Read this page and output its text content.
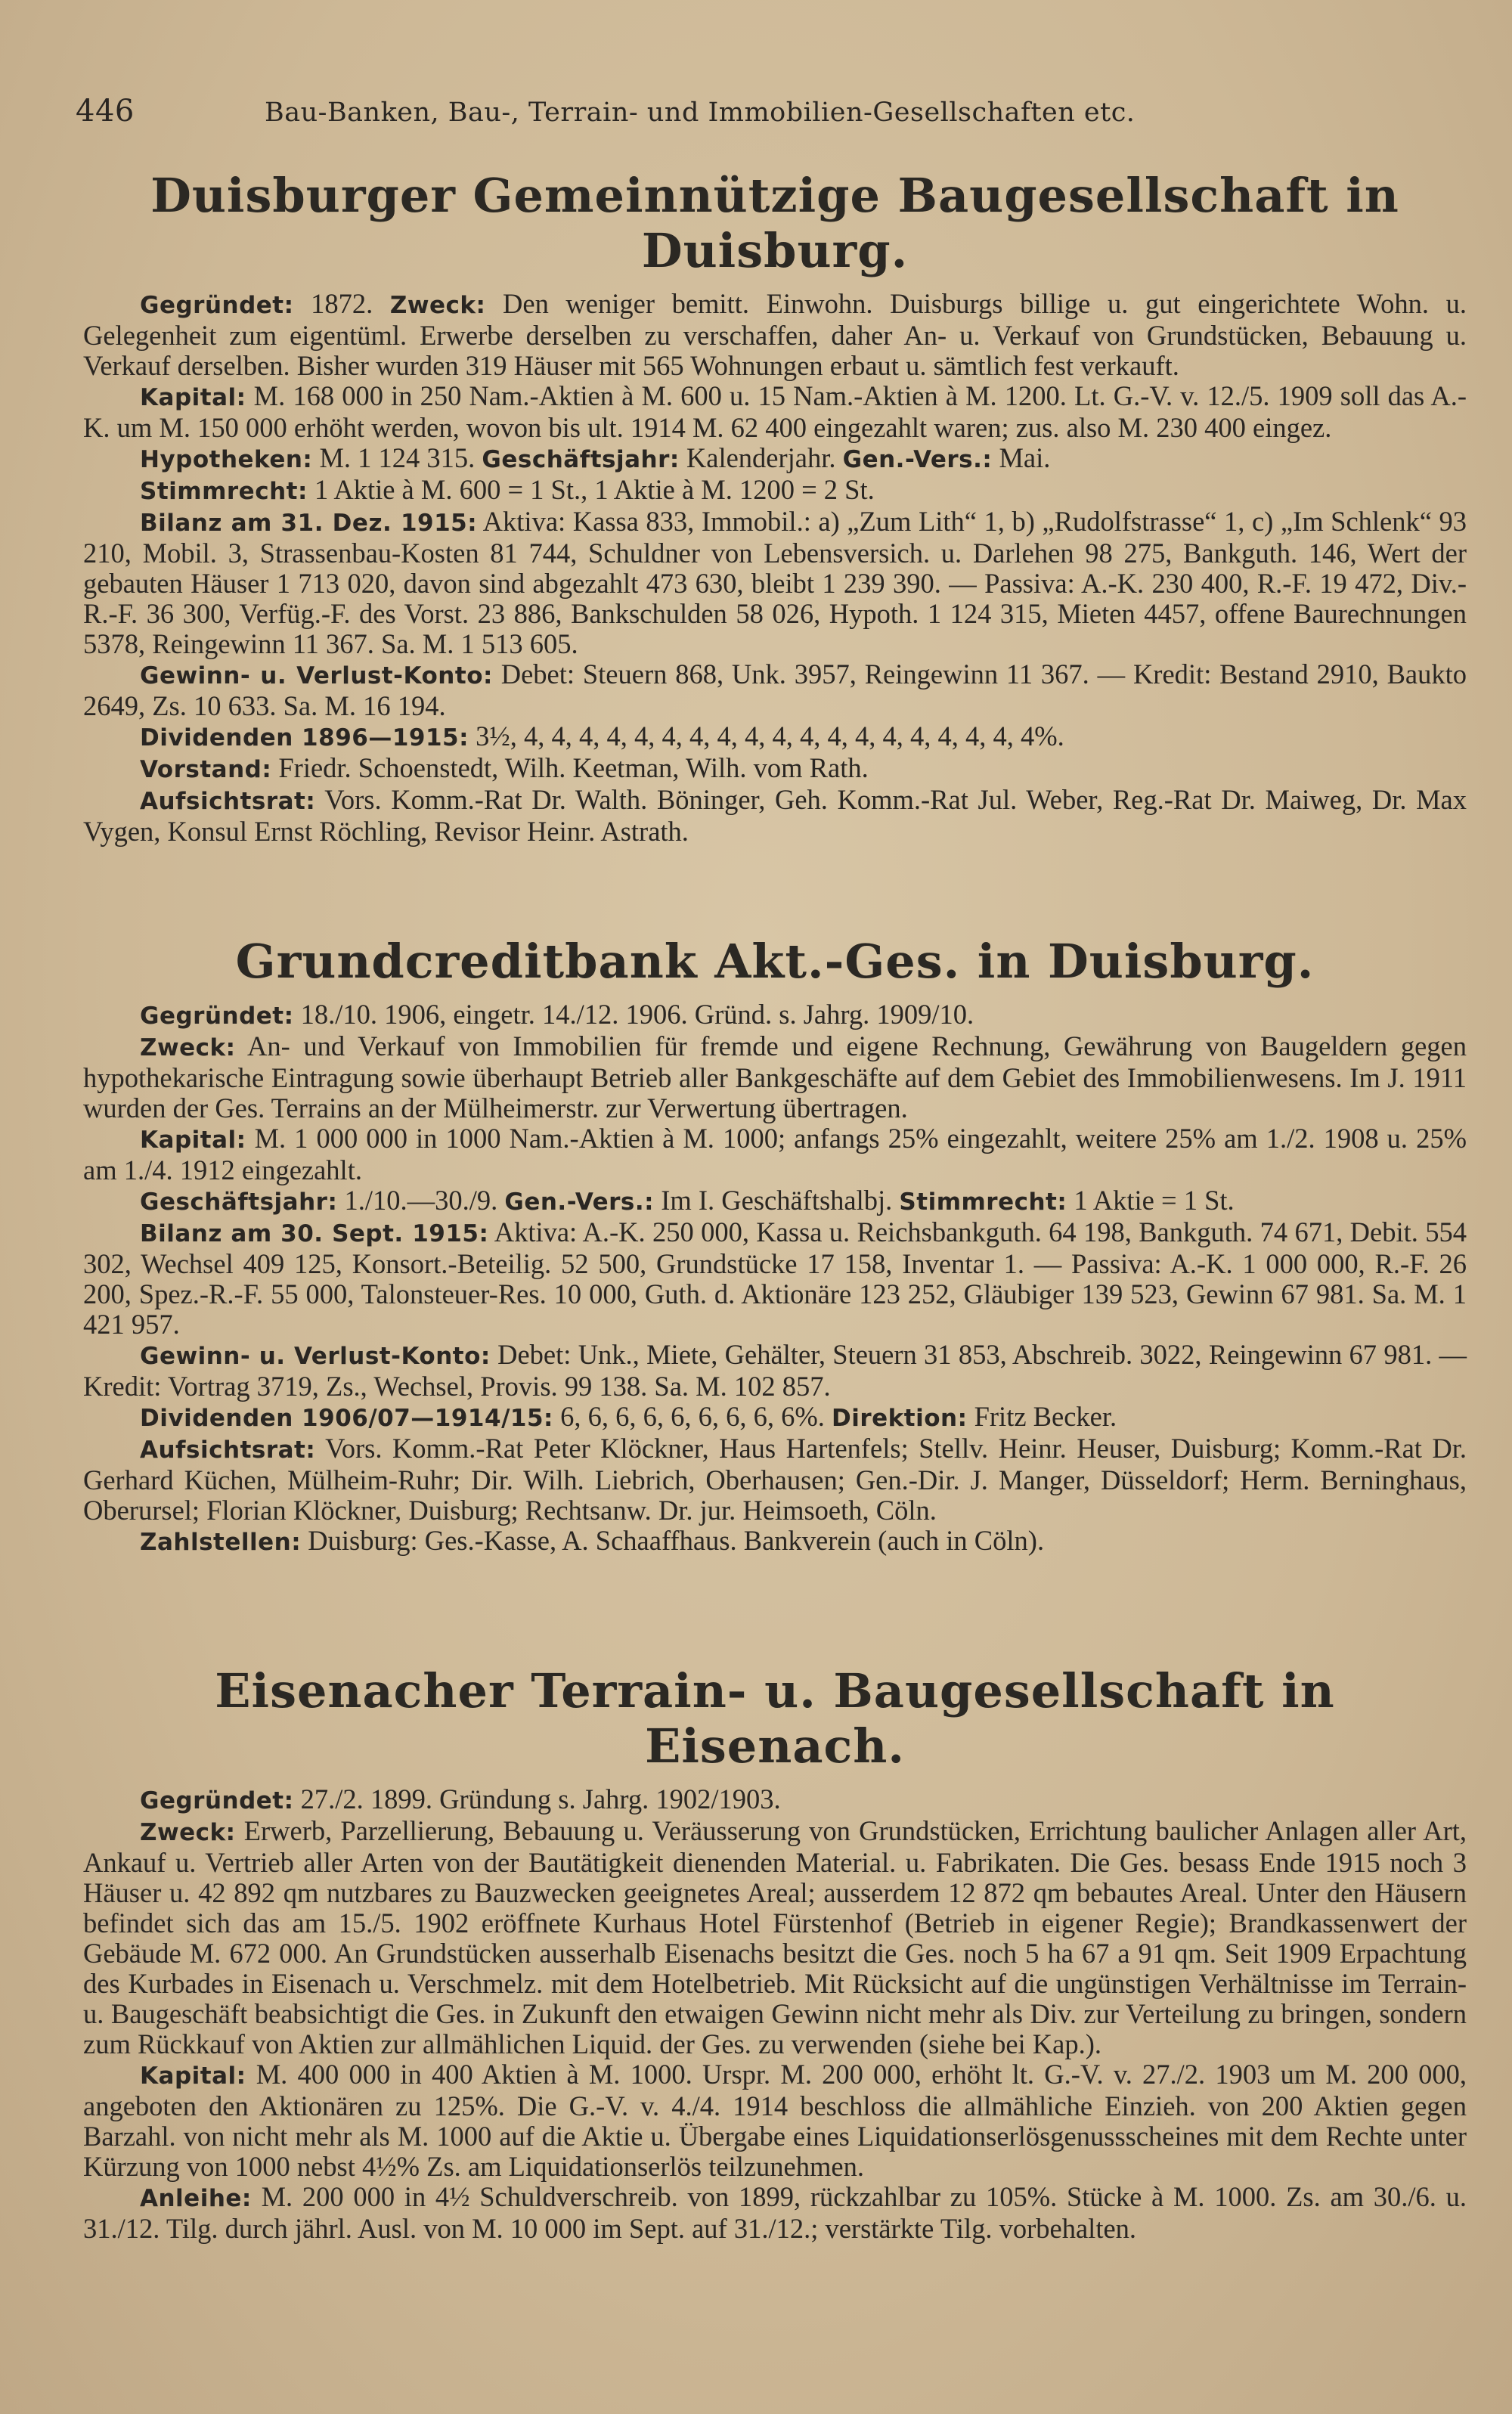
446	Bau-Banken, Bau-, Terrain- und Immobilien-Gesellschaften etc.
Duisburger Gemeinnützige Baugesellschaft in Duisburg.

Gegründet: 1872. Zweck: Den weniger bemitt. Einwohn. Duisburgs billige u. gut eingerichtete Wohn. u. Gelegenheit zum eigentüml. Erwerbe derselben zu verschaffen, daher An- u. Verkauf von Grundstücken, Bebauung u. Verkauf derselben. Bisher wurden 319 Häuser mit 565 Wohnungen erbaut u. sämtlich fest verkauft.

Kapital: M. 168 000 in 250 Nam.-Aktien à M. 600 u. 15 Nam.-Aktien à M. 1200. Lt. G.-V. v. 12./5. 1909 soll das A.-K. um M. 150 000 erhöht werden, wovon bis ult. 1914 M. 62 400 eingezahlt waren; zus. also M. 230 400 eingez.

Hypotheken: M. 1 124 315. Geschäftsjahr: Kalenderjahr. Gen.-Vers.: Mai.

Stimmrecht: 1 Aktie à M. 600 = 1 St., 1 Aktie à M. 1200 = 2 St.

Bilanz am 31. Dez. 1915: Aktiva: Kassa 833, Immobil.: a) „Zum Lith“ 1, b) „Rudolfstrasse“ 1, c) „Im Schlenk“ 93 210, Mobil. 3, Strassenbau-Kosten 81 744, Schuldner von Lebensversich. u. Darlehen 98 275, Bankguth. 146, Wert der gebauten Häuser 1 713 020, davon sind abgezahlt 473 630, bleibt 1 239 390. — Passiva: A.-K. 230 400, R.-F. 19 472, Div.-R.-F. 36 300, Verfüg.-F. des Vorst. 23 886, Bankschulden 58 026, Hypoth. 1 124 315, Mieten 4457, offene Baurechnungen 5378, Reingewinn 11 367. Sa. M. 1 513 605.

Gewinn- u. Verlust-Konto: Debet: Steuern 868, Unk. 3957, Reingewinn 11 367. — Kredit: Bestand 2910, Baukto 2649, Zs. 10 633. Sa. M. 16 194.

Dividenden 1896—1915: 3½, 4, 4, 4, 4, 4, 4, 4, 4, 4, 4, 4, 4, 4, 4, 4, 4, 4, 4, 4%.

Vorstand: Friedr. Schoenstedt, Wilh. Keetman, Wilh. vom Rath.

Aufsichtsrat: Vors. Komm.-Rat Dr. Walth. Böninger, Geh. Komm.-Rat Jul. Weber, Reg.-Rat Dr. Maiweg, Dr. Max Vygen, Konsul Ernst Röchling, Revisor Heinr. Astrath.

Grundcreditbank Akt.-Ges. in Duisburg.

Gegründet: 18./10. 1906, eingetr. 14./12. 1906. Gründ. s. Jahrg. 1909/10.

Zweck: An- und Verkauf von Immobilien für fremde und eigene Rechnung, Gewährung von Baugeldern gegen hypothekarische Eintragung sowie überhaupt Betrieb aller Bankgeschäfte auf dem Gebiet des Immobilienwesens. Im J. 1911 wurden der Ges. Terrains an der Mülheimerstr. zur Verwertung übertragen.

Kapital: M. 1 000 000 in 1000 Nam.-Aktien à M. 1000; anfangs 25% eingezahlt, weitere 25% am 1./2. 1908 u. 25% am 1./4. 1912 eingezahlt.

Geschäftsjahr: 1./10.—30./9. Gen.-Vers.: Im I. Geschäftshalbj. Stimmrecht: 1 Aktie = 1 St.

Bilanz am 30. Sept. 1915: Aktiva: A.-K. 250 000, Kassa u. Reichsbankguth. 64 198, Bankguth. 74 671, Debit. 554 302, Wechsel 409 125, Konsort.-Beteilig. 52 500, Grundstücke 17 158, Inventar 1. — Passiva: A.-K. 1 000 000, R.-F. 26 200, Spez.-R.-F. 55 000, Talonsteuer-Res. 10 000, Guth. d. Aktionäre 123 252, Gläubiger 139 523, Gewinn 67 981. Sa. M. 1 421 957.

Gewinn- u. Verlust-Konto: Debet: Unk., Miete, Gehälter, Steuern 31 853, Abschreib. 3022, Reingewinn 67 981. — Kredit: Vortrag 3719, Zs., Wechsel, Provis. 99 138. Sa. M. 102 857.

Dividenden 1906/07—1914/15: 6, 6, 6, 6, 6, 6, 6, 6, 6%. Direktion: Fritz Becker.

Aufsichtsrat: Vors. Komm.-Rat Peter Klöckner, Haus Hartenfels; Stellv. Heinr. Heuser, Duisburg; Komm.-Rat Dr. Gerhard Küchen, Mülheim-Ruhr; Dir. Wilh. Liebrich, Oberhausen; Gen.-Dir. J. Manger, Düsseldorf; Herm. Berninghaus, Oberursel; Florian Klöckner, Duisburg; Rechtsanw. Dr. jur. Heimsoeth, Cöln.

Zahlstellen: Duisburg: Ges.-Kasse, A. Schaaffhaus. Bankverein (auch in Cöln).

Eisenacher Terrain- u. Baugesellschaft in Eisenach.

Gegründet: 27./2. 1899. Gründung s. Jahrg. 1902/1903.

Zweck: Erwerb, Parzellierung, Bebauung u. Veräusserung von Grundstücken, Errichtung baulicher Anlagen aller Art, Ankauf u. Vertrieb aller Arten von der Bautätigkeit dienenden Material. u. Fabrikaten. Die Ges. besass Ende 1915 noch 3 Häuser u. 42 892 qm nutzbares zu Bauzwecken geeignetes Areal; ausserdem 12 872 qm bebautes Areal. Unter den Häusern befindet sich das am 15./5. 1902 eröffnete Kurhaus Hotel Fürstenhof (Betrieb in eigener Regie); Brandkassenwert der Gebäude M. 672 000. An Grundstücken ausserhalb Eisenachs besitzt die Ges. noch 5 ha 67 a 91 qm. Seit 1909 Erpachtung des Kurbades in Eisenach u. Verschmelz. mit dem Hotelbetrieb. Mit Rücksicht auf die ungünstigen Verhältnisse im Terrain- u. Baugeschäft beabsichtigt die Ges. in Zukunft den etwaigen Gewinn nicht mehr als Div. zur Verteilung zu bringen, sondern zum Rückkauf von Aktien zur allmählichen Liquid. der Ges. zu verwenden (siehe bei Kap.).

Kapital: M. 400 000 in 400 Aktien à M. 1000. Urspr. M. 200 000, erhöht lt. G.-V. v. 27./2. 1903 um M. 200 000, angeboten den Aktionären zu 125%. Die G.-V. v. 4./4. 1914 beschloss die allmähliche Einzieh. von 200 Aktien gegen Barzahl. von nicht mehr als M. 1000 auf die Aktie u. Übergabe eines Liquidationserlösgenussscheines mit dem Rechte unter Kürzung von 1000 nebst 4½% Zs. am Liquidationserlös teilzunehmen.

Anleihe: M. 200 000 in 4½ Schuldverschreib. von 1899, rückzahlbar zu 105%. Stücke à M. 1000. Zs. am 30./6. u. 31./12. Tilg. durch jährl. Ausl. von M. 10 000 im Sept. auf 31./12.; verstärkte Tilg. vorbehalten.
